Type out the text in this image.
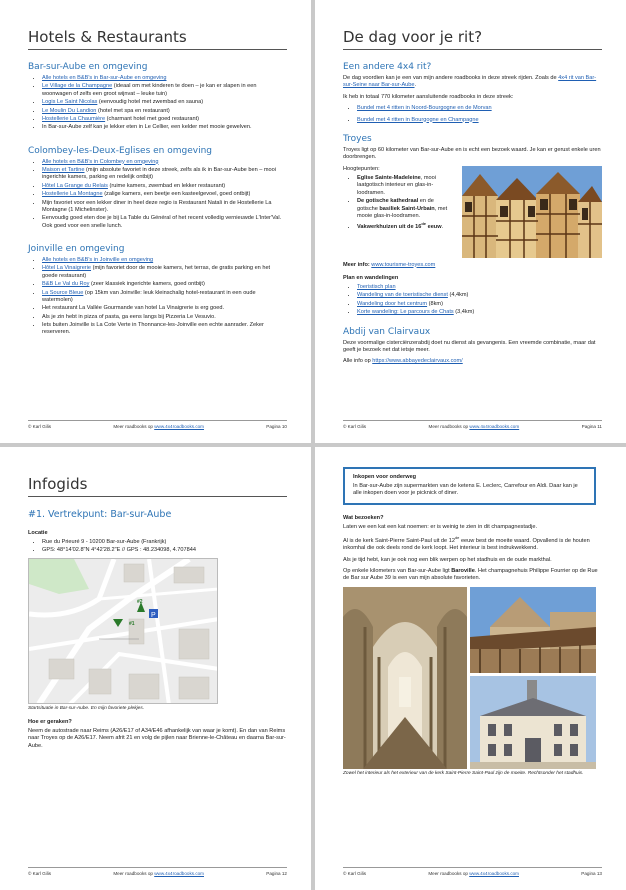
Hotels & Restaurants
Bar-sur-Aube en omgeving
• Alle hotels en B&B's in Bar-sur-Aube en omgeving
• Le Village de la Champagne (ideaal om met kinderen te doen – je kan er slapen in een woonwagen of zelfs een groot wijnvat – leuke tuin)
• Logis Le Saint Nicolas (eenvoudig hotel met zwembad en sauna)
• Le Moulin Du Landion (hotel met spa en restaurant)
• Hostellerie La Chaumière (charmant hotel met goed restaurant)
• In Bar-sur-Aube zelf kan je lekker eten in Le Cellier, een kelder met mooie gewelven.
Colombey-les-Deux-Eglises en omgeving
• Alle hotels en B&B's in Colombey en omgeving
• Maison et Tartine (mijn absolute favoriet in deze streek, zelfs als ik in Bar-sur-Aube ben – mooi ingerichte kamers, parking en redelijk ontbijt)
• Hôtel La Grange du Relais (ruime kamers, zwembad en lekker restaurant)
• Hostellerie La Montagne (zalige kamers, een beetje een kasteelgevoel, goed ontbijt)
• Mijn favoriet voor een lekker diner in heel deze regio is Restaurant Natali in de Hostellerie La Montagne (1 Michelinster).
• Eenvoudig goed eten doe je bij La Table du Général of het recent volledig vernieuwde L'Inter'Val. Ook goed voor een snelle lunch.
Joinville en omgeving
• Alle hotels en B&B's in Joinville en omgeving
• Hôtel La Vinaigrerie (mijn favoriet door de mooie kamers, het terras, de gratis parking en het goede restaurant)
• B&B Le Val du Roy (zeer klassiek ingerichte kamers, goed ontbijt)
• La Source Bleue (op 15km van Joinville: leuk kleinschalig hotel-restaurant in een oude watermolen)
• Het restaurant La Vallée Gourmande van hotel La Vinaigrerie is erg goed.
• Als je zin hebt in pizza of pasta, ga eens langs bij Pizzeria Le Vesuvio.
• Iets buiten Joinville is La Cote Verte in Thonnance-les-Joinville een echte aanrader. Zeker reserveren.
© Karl Gilis	Meer roadbooks op www.4x4roadbooks.com	Pagina 10
De dag voor je rit?
Een andere 4x4 rit?

De dag voordien kan je een van mijn andere roadbooks in deze streek rijden. Zoals de 4x4 rit van Bar-sur-Seine naar Bar-sur-Aube.

Ik heb in totaal 770 kilometer aansluitende roadbooks in deze streek:

• Bundel met 4 ritten in Noord-Bourgogne en de Morvan
• Bundel met 4 ritten in Bourgogne en Champagne
Troyes

Troyes ligt op 60 kilometer van Bar-sur-Aube en is echt een bezoek waard. Je kan er gerust enkele uren doorbrengen.

Hoogtepunten:

• Eglise Sainte-Madeleine, mooi laatgotisch interieur en glas-in-loodramen.
• De gotische kathedraal en de gotische basiliek Saint-Urbain, met mooie glas-in-loodramen.
• Vakwerkhuizen uit de 16de eeuw.

Meer info: www.tourisme-troyes.com

Plan en wandelingen
• Toeristisch plan
• Wandeling van de toeristische dienst (4,4km)
• Wandeling door het centrum (8km)
• Korte wandeling: Le parcours de Chats (3,4km)
Abdij van Clairvaux

Deze voormalige cisterciënzerabdij doet nu dienst als gevangenis. Een vreemde combinatie, maar dat geeft je bezoek net dat ietsje meer.

Alle info op https://www.abbayedeclairvaux.com/

© Karl Gilis	Meer roadbooks op www.4x4roadbooks.com	Pagina 11
Infogids
#1. Vertrekpunt: Bar-sur-Aube
Locatie
• Rue du Prieuré 9 - 10200 Bar-sur-Aube (Frankrijk)
• GPS: 48°14'02.8"N 4°42'28.2"E // GPS : 48.234098, 4.707844
P
#1
#2
Startsituatie in Bar-sur-Aube. En mijn favoriete plekjes.
Hoe er geraken?

Neem de autostrade naar Reims (A26/E17 of A34/E46 afhankelijk van waar je komt). En dan van Reims naar Troyes op de A26/E17. Neem afrit 21 en volg de pijlen naar Brienne-le-Château en daarna Bar-sur-Aube.

© Karl Gilis	Meer roadbooks op www.4x4roadbooks.com	Pagina 12
Inkopen voor onderweg

In Bar-sur-Aube zijn supermarkten van de ketens E. Leclerc, Carrefour en Aldi. Daar kan je alle inkopen doen voor je picknick of diner.

Wat bezoeken?

Laten we een kat een kat noemen: er is weinig te zien in dit champagnestadje.

Al is de kerk Saint-Pierre Saint-Paul uit de 12de eeuw best de moeite waard. Opvallend is de houten inkomhal die ook deels rond de kerk loopt. Het interieur is best indrukwekkend.

Als je tijd hebt, kan je ook nog een blik werpen op het stadhuis en de oude markthal.

Op enkele kilometers van Bar-sur-Aube ligt Baroville. Het champagnehuis Philippe Fourrier op de Rue de Bar sur Aube 39 is een van mijn absolute favorieten.

Zowel het interieur als het exterieur van de kerk Saint-Pierre Saint-Paul zijn de moeite. Rechtsonder het stadhuis.
© Karl Gilis	Meer roadbooks op www.4x4roadbooks.com	Pagina 13
